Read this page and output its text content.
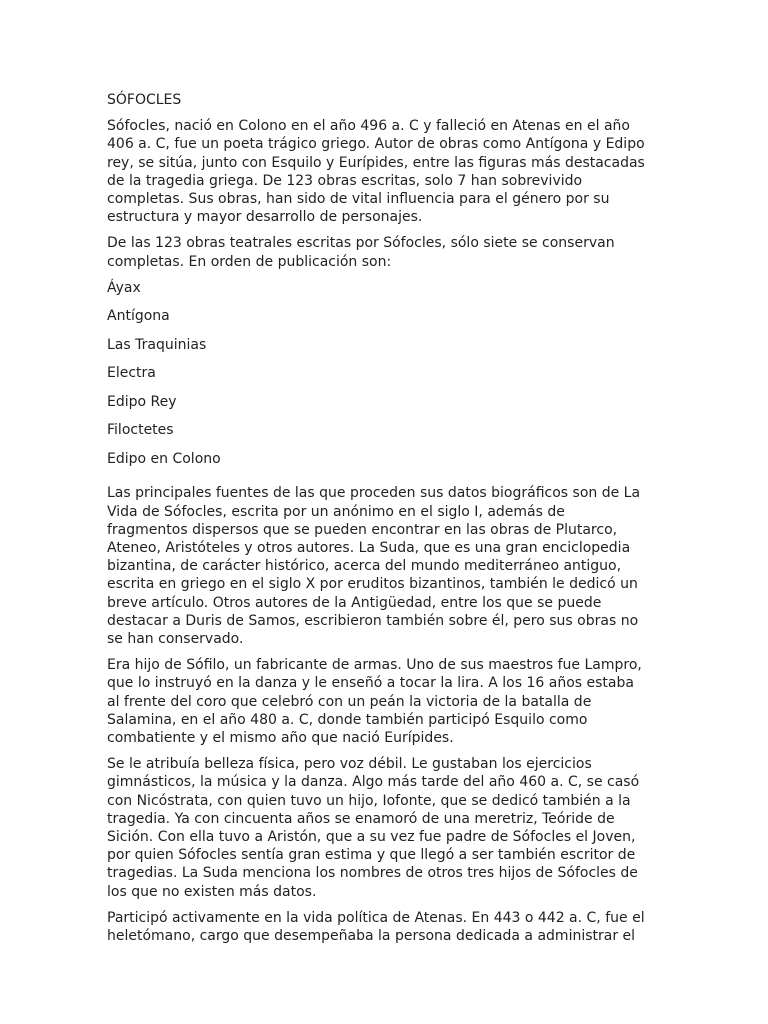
SÓFOCLES

Sófocles, nació en Colono en el año 496 a. C y falleció en Atenas en el año 406 a. C, fue un poeta trágico griego. Autor de obras como Antígona y Edipo rey, se sitúa, junto con Esquilo y Eurípides, entre las figuras más destacadas de la tragedia griega. De 123 obras escritas, solo 7 han sobrevivido completas. Sus obras, han sido de vital influencia para el género por su estructura y mayor desarrollo de personajes.

De las 123 obras teatrales escritas por Sófocles, sólo siete se conservan completas. En orden de publicación son:

Áyax
Antígona
Las Traquinias
Electra
Edipo Rey
Filoctetes
Edipo en Colono

Las principales fuentes de las que proceden sus datos biográficos son de La Vida de Sófocles, escrita por un anónimo en el siglo I, además de fragmentos dispersos que se pueden encontrar en las obras de Plutarco, Ateneo, Aristóteles y otros autores. La Suda, que es una gran enciclopedia bizantina, de carácter histórico, acerca del mundo mediterráneo antiguo, escrita en griego en el siglo X por eruditos bizantinos, también le dedicó un breve artículo. Otros autores de la Antigüedad, entre los que se puede destacar a Duris de Samos, escribieron también sobre él, pero sus obras no se han conservado.

Era hijo de Sófilo, un fabricante de armas. Uno de sus maestros fue Lampro, que lo instruyó en la danza y le enseñó a tocar la lira. A los 16 años estaba al frente del coro que celebró con un peán la victoria de la batalla de Salamina, en el año 480 a. C, donde también participó Esquilo como combatiente y el mismo año que nació Eurípides.

Se le atribuía belleza física, pero voz débil. Le gustaban los ejercicios gimnásticos, la música y la danza. Algo más tarde del año 460 a. C, se casó con Nicóstrata, con quien tuvo un hijo, Iofonte, que se dedicó también a la tragedia. Ya con cincuenta años se enamoró de una meretriz, Teóride de Sición. Con ella tuvo a Aristón, que a su vez fue padre de Sófocles el Joven, por quien Sófocles sentía gran estima y que llegó a ser también escritor de tragedias. La Suda menciona los nombres de otros tres hijos de Sófocles de los que no existen más datos.

Participó activamente en la vida política de Atenas. En 443 o 442 a. C, fue el heletómano, cargo que desempeñaba la persona dedicada a administrar el
